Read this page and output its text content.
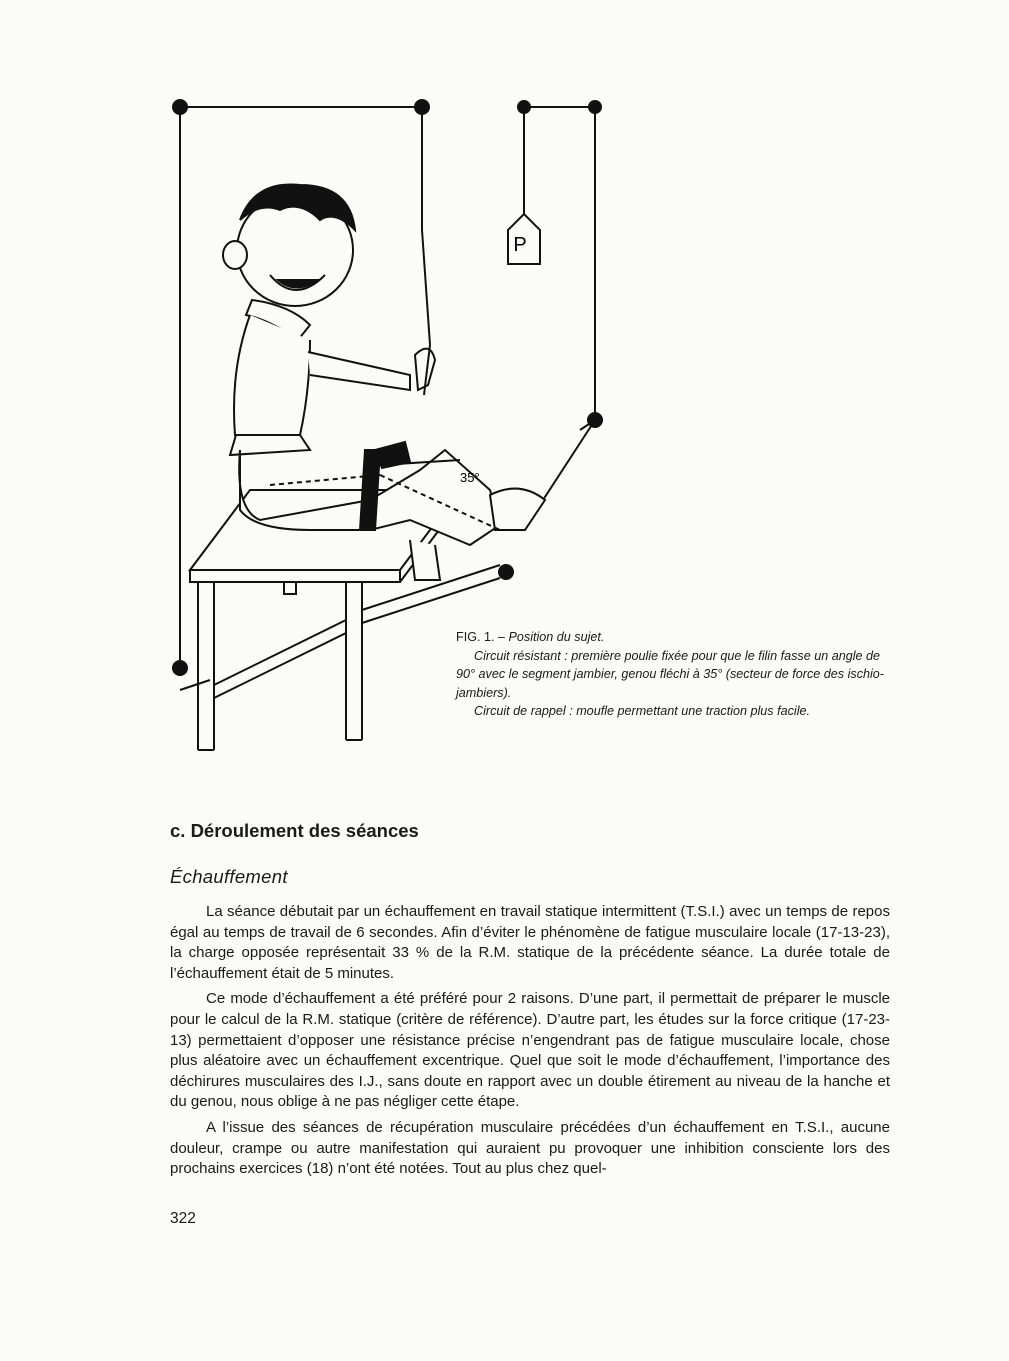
P
35°

FIG. 1. – Position du sujet.

Circuit résistant : première poulie fixée pour que le filin fasse un angle de 90° avec le segment jambier, genou fléchi à 35° (secteur de force des ischio-jambiers).

Circuit de rappel : moufle permettant une traction plus facile.

c. Déroulement des séances
Échauffement

La séance débutait par un échauffement en travail statique intermittent (T.S.I.) avec un temps de repos égal au temps de travail de 6 secondes. Afin d’éviter le phénomène de fatigue musculaire locale (17-13-23), la charge opposée représentait 33 % de la R.M. statique de la précédente séance. La durée totale de l’échauffement était de 5 minutes.

Ce mode d’échauffement a été préféré pour 2 raisons. D’une part, il permettait de préparer le muscle pour le calcul de la R.M. statique (critère de référence). D’autre part, les études sur la force critique (17-23-13) permettaient d’opposer une résistance précise n’engendrant pas de fatigue musculaire locale, chose plus aléatoire avec un échauffement excentrique. Quel que soit le mode d’échauffement, l’importance des déchirures musculaires des I.J., sans doute en rapport avec un double étirement au niveau de la hanche et du genou, nous oblige à ne pas négliger cette étape.

A l’issue des séances de récupération musculaire précédées d’un échauffement en T.S.I., aucune douleur, crampe ou autre manifestation qui auraient pu provoquer une inhibition consciente lors des prochains exercices (18) n’ont été notées. Tout au plus chez quel-

322
